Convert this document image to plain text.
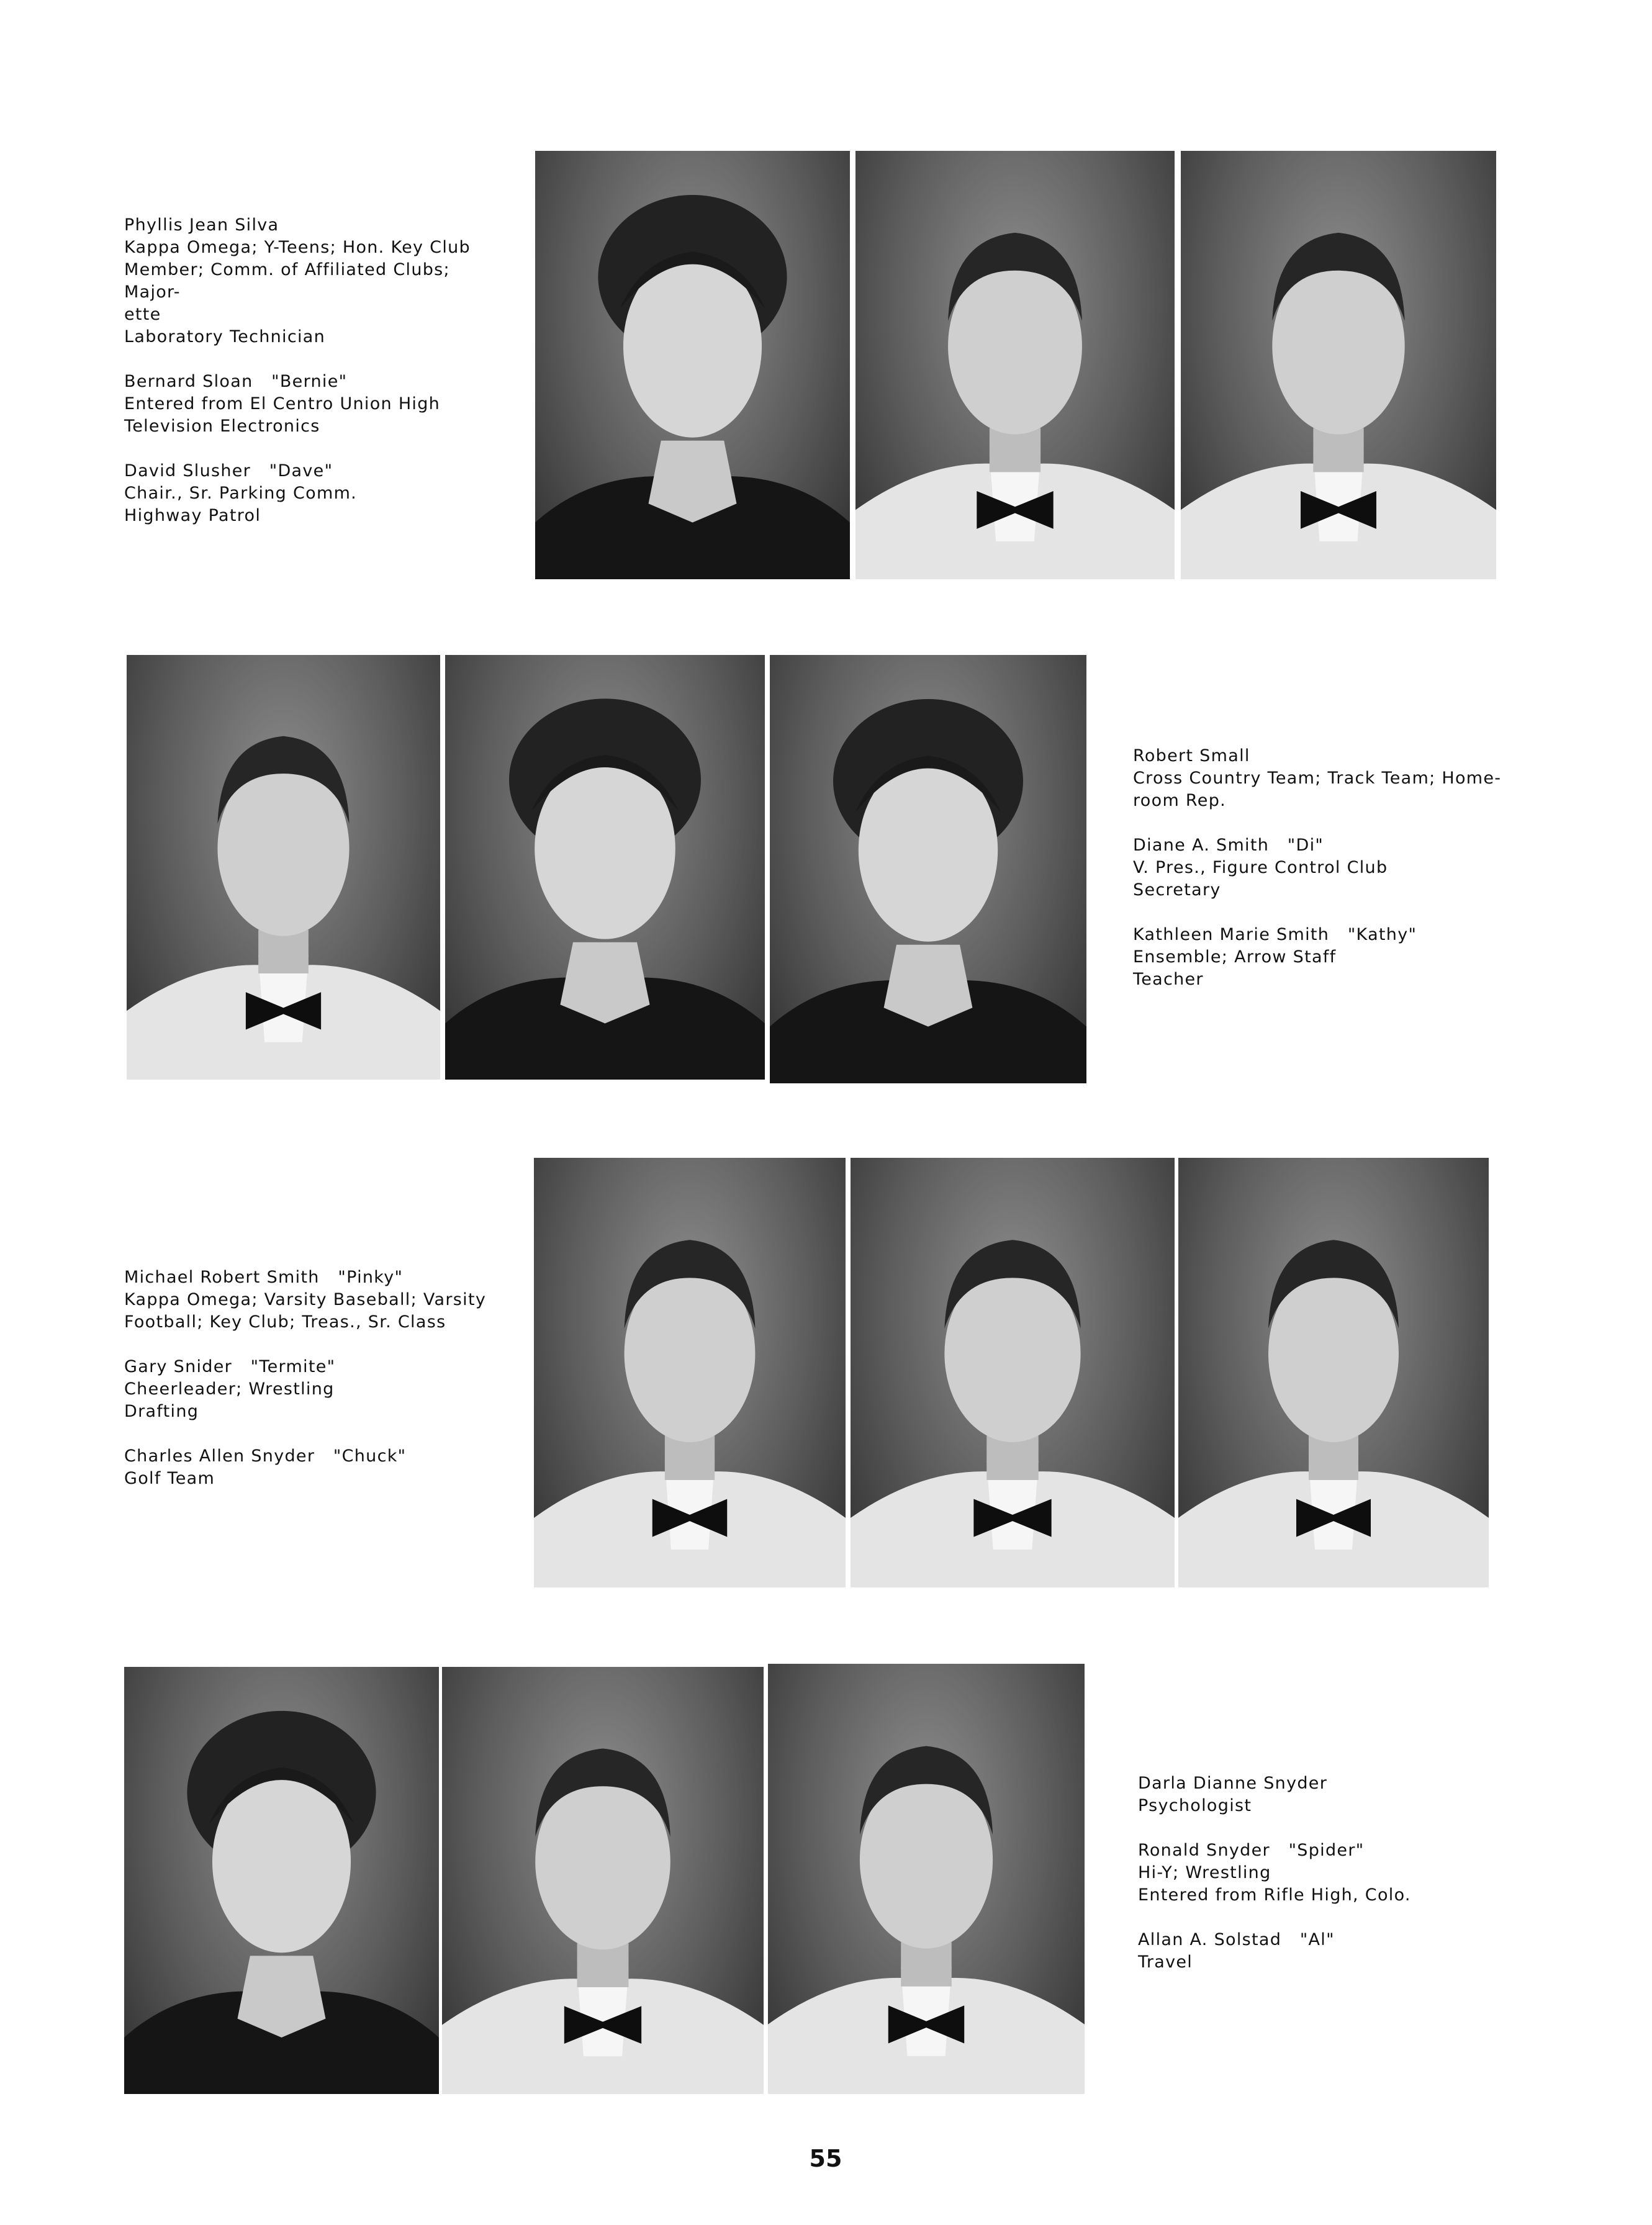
Phyllis Jean Silva
Kappa Omega; Y-Teens; Hon. Key Club
Member; Comm. of Affiliated Clubs; Major-
ette
Laboratory Technician
Bernard Sloan   "Bernie"
Entered from El Centro Union High
Television Electronics
David Slusher   "Dave"
Chair., Sr. Parking Comm.
Highway Patrol
Robert Small
Cross Country Team; Track Team; Home-
room Rep.
Diane A. Smith   "Di"
V. Pres., Figure Control Club
Secretary
Kathleen Marie Smith   "Kathy"
Ensemble; Arrow Staff
Teacher
Michael Robert Smith   "Pinky"
Kappa Omega; Varsity Baseball; Varsity
Football; Key Club; Treas., Sr. Class
Gary Snider   "Termite"
Cheerleader; Wrestling
Drafting
Charles Allen Snyder   "Chuck"
Golf Team
Darla Dianne Snyder
Psychologist
Ronald Snyder   "Spider"
Hi-Y; Wrestling
Entered from Rifle High, Colo.
Allan A. Solstad   "Al"
Travel
55
